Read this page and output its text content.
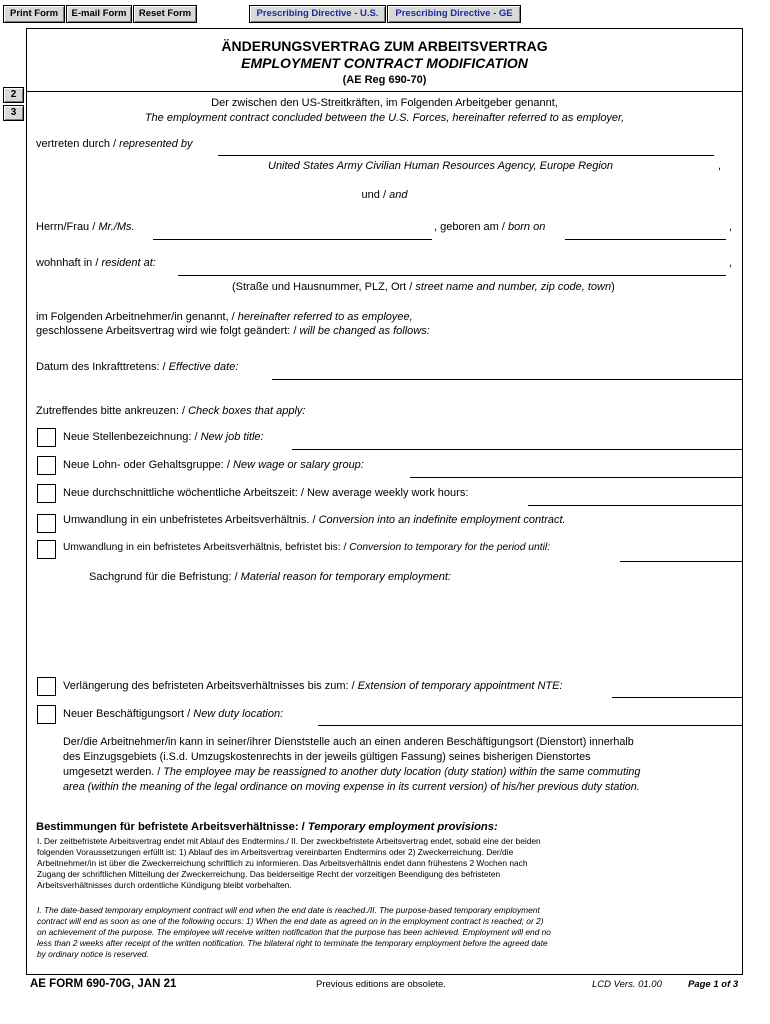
Print Form	E-mail Form	Reset Form	Prescribing Directive - U.S.	Prescribing Directive - GE
2
3
ÄNDERUNGSVERTRAG ZUM ARBEITSVERTRAG
EMPLOYMENT CONTRACT MODIFICATION
(AE Reg 690-70)
Der zwischen den US-Streitkräften, im Folgenden Arbeitgeber genannt,
The employment contract concluded between the U.S. Forces, hereinafter referred to as employer,
vertreten durch / represented by
United States Army Civilian Human Resources Agency, Europe Region	,
und / and
Herrn/Frau / Mr./Ms.	, geboren am / born on	,
wohnhaft in / resident at:	,
(Straße und Hausnummer, PLZ, Ort / street name and number, zip code, town)
im Folgenden Arbeitnehmer/in genannt, / hereinafter referred to as employee,
geschlossene Arbeitsvertrag wird wie folgt geändert: / will be changed as follows:
Datum des Inkrafttretens: / Effective date:
Zutreffendes bitte ankreuzen: / Check boxes that apply:
Neue Stellenbezeichnung: / New job title:
Neue Lohn- oder Gehaltsgruppe: / New wage or salary group:
Neue durchschnittliche wöchentliche Arbeitszeit: / New average weekly work hours:
Umwandlung in ein unbefristetes Arbeitsverhältnis. / Conversion into an indefinite employment contract.
Umwandlung in ein befristetes Arbeitsverhältnis, befristet bis: / Conversion to temporary for the period until:
Sachgrund für die Befristung: / Material reason for temporary employment:
Verlängerung des befristeten Arbeitsverhältnisses bis zum: / Extension of temporary appointment NTE:
Neuer Beschäftigungsort / New duty location:
Der/die Arbeitnehmer/in kann in seiner/ihrer Dienststelle auch an einen anderen Beschäftigungsort (Dienstort) innerhalb
des Einzugsgebiets (i.S.d. Umzugskostenrechts in der jeweils gültigen Fassung) seines bisherigen Dienstortes
umgesetzt werden. / The employee may be reassigned to another duty location (duty station) within the same commuting
area (within the meaning of the legal ordinance on moving expense in its current version) of his/her previous duty station.
Bestimmungen für befristete Arbeitsverhältnisse: / Temporary employment provisions:
I. Der zeitbefristete Arbeitsvertrag endet mit Ablauf des Endtermins./ II. Der zweckbefristete Arbeitsvertrag endet, sobald eine der beiden
folgenden Voraussetzungen erfüllt ist: 1) Ablauf des im Arbeitsvertrag vereinbarten Endtermins oder 2) Zweckerreichung. Der/die
Arbeitnehmer/in ist über die Zweckerreichung schriftlich zu informieren. Das Arbeitsverhältnis endet dann frühestens 2 Wochen nach
Zugang der schriftlichen Mitteilung der Zweckerreichung. Das beiderseitige Recht der vorzeitigen Beendigung des befristeten
Arbeitsverhältnisses durch ordentliche Kündigung bleibt vorbehalten.
I. The date-based temporary employment contract will end when the end date is reached./II. The purpose-based temporary employment
contract will end as soon as one of the following occurs: 1) When the end date as agreed on in the employment contract is reached; or 2)
on achievement of the purpose. The employee will receive written notification that the purpose has been achieved. Employment will end no
less than 2 weeks after receipt of the written notification. The bilateral right to terminate the temporary employment before the agreed date
by ordinary notice is reserved.
AE FORM 690-70G, JAN 21	Previous editions are obsolete.	LCD Vers. 01.00	Page 1 of 3
